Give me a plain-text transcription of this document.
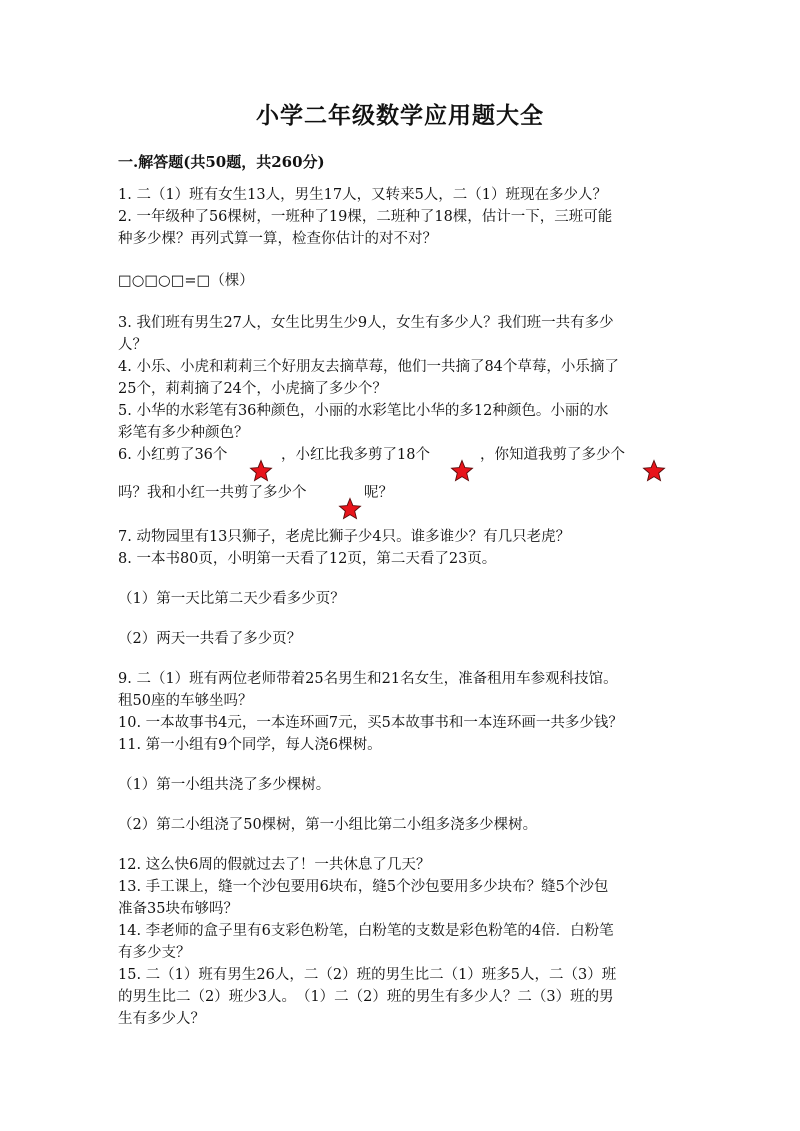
小学二年级数学应用题大全
一.解答题(共50题，共260分)

1. 二（1）班有女生13人，男生17人，又转来5人，二（1）班现在多少人？

2. 一年级种了56棵树，一班种了19棵，二班种了18棵，估计一下，三班可能

种多少棵？再列式算一算，检查你估计的对不对？

□○□○□=□（棵）

3. 我们班有男生27人，女生比男生少9人，女生有多少人？我们班一共有多少

人？

4. 小乐、小虎和莉莉三个好朋友去摘草莓，他们一共摘了84个草莓，小乐摘了

25个，莉莉摘了24个，小虎摘了多少个？

5. 小华的水彩笔有36种颜色，小丽的水彩笔比小华的多12种颜色。小丽的水

彩笔有多少种颜色？

6. 小红剪了36个	，小红比我多剪了18个	，你知道我剪了多少个
吗？我和小红一共剪了多少个	呢？

7. 动物园里有13只狮子，老虎比狮子少4只。谁多谁少？有几只老虎？

8. 一本书80页，小明第一天看了12页，第二天看了23页。

（1）第一天比第二天少看多少页？

（2）两天一共看了多少页？

9. 二（1）班有两位老师带着25名男生和21名女生，准备租用车参观科技馆。

租50座的车够坐吗？

10. 一本故事书4元，一本连环画7元，买5本故事书和一本连环画一共多少钱？

11. 第一小组有9个同学，每人浇6棵树。

（1）第一小组共浇了多少棵树。

（2）第二小组浇了50棵树，第一小组比第二小组多浇多少棵树。

12. 这么快6周的假就过去了！一共休息了几天？

13. 手工课上，缝一个沙包要用6块布，缝5个沙包要用多少块布？缝5个沙包

准备35块布够吗？

14. 李老师的盒子里有6支彩色粉笔，白粉笔的支数是彩色粉笔的4倍．白粉笔

有多少支？

15. 二（1）班有男生26人，二（2）班的男生比二（1）班多5人，二（3）班

的男生比二（2）班少3人。　（1）二（2）班的男生有多少人？二（3）班的男

生有多少人？
